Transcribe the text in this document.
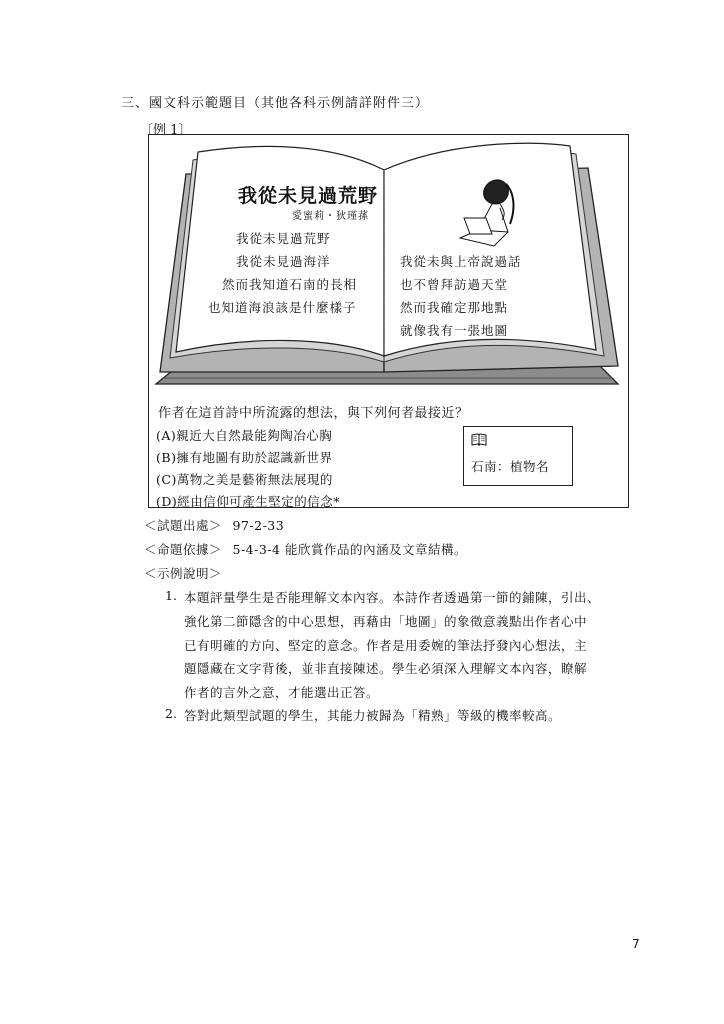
三、國文科示範題目（其他各科示例請詳附件三）
〔例 1〕
我從未見過荒野
愛蜜莉・狄瑾蓀
我從未見過荒野
我從未見過海洋
然而我知道石南的長相
也知道海浪該是什麼樣子
我從未與上帝說過話
也不曾拜訪過天堂
然而我確定那地點
就像我有一張地圖
作者在這首詩中所流露的想法，與下列何者最接近？
(A)親近大自然最能夠陶冶心胸
(B)擁有地圖有助於認識新世界
(C)萬物之美是藝術無法展現的
(D)經由信仰可產生堅定的信念*
石南：植物名
＜試題出處＞ 97-2-33
＜命題依據＞ 5-4-3-4 能欣賞作品的內涵及文章結構。
＜示例說明＞
1. 本題評量學生是否能理解文本內容。本詩作者透過第一節的鋪陳，引出、
強化第二節隱含的中心思想，再藉由「地圖」的象徵意義點出作者心中
已有明確的方向、堅定的意念。作者是用委婉的筆法抒發內心想法，主
題隱藏在文字背後，並非直接陳述。學生必須深入理解文本內容，瞭解
作者的言外之意，才能選出正答。
2. 答對此類型試題的學生，其能力被歸為「精熟」等級的機率較高。
7
